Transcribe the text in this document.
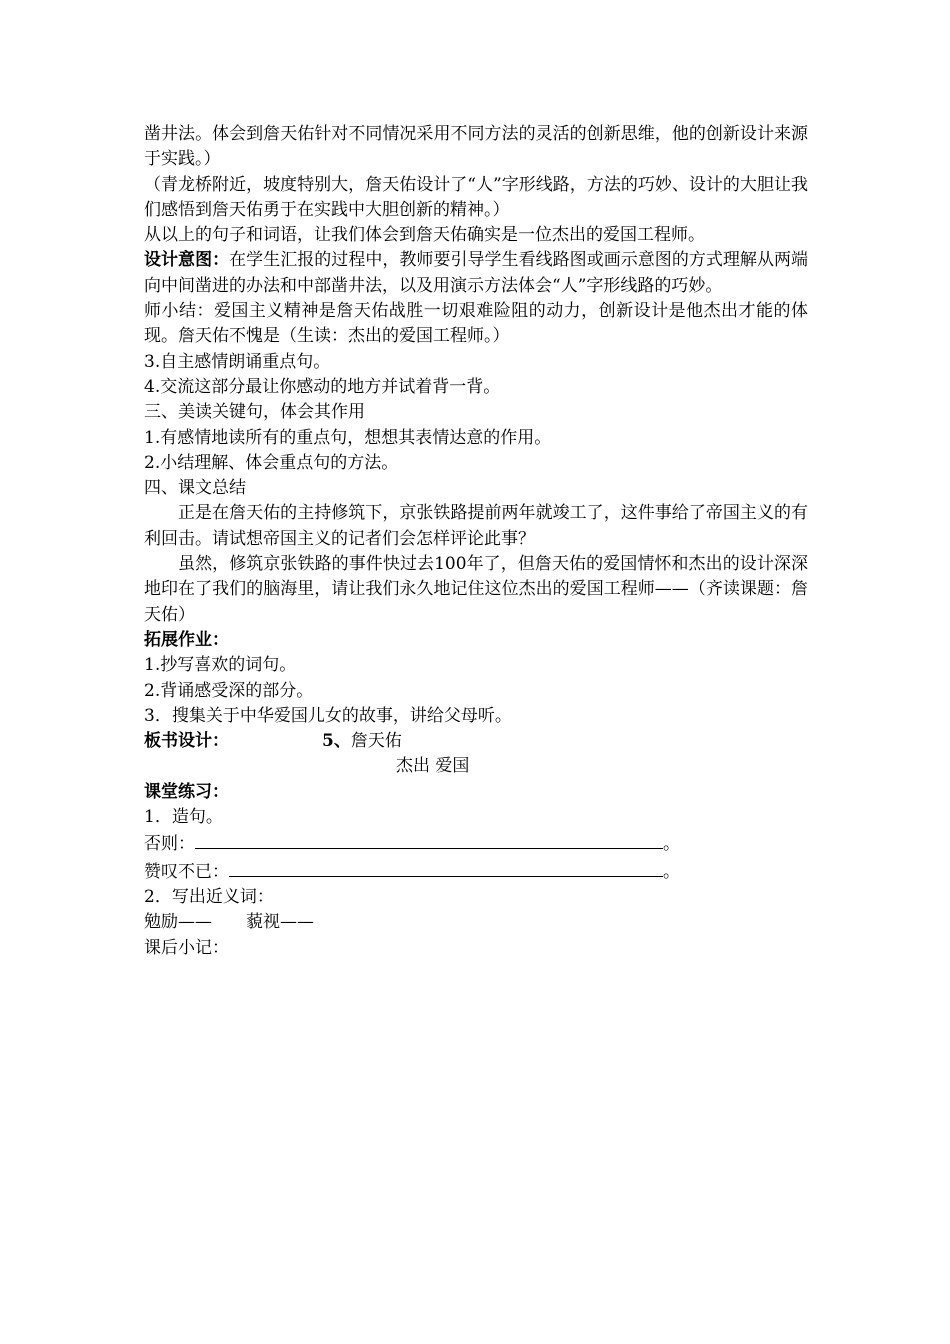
凿井法。体会到詹天佑针对不同情况采用不同方法的灵活的创新思维，他的创新设计来源于实践。）

（青龙桥附近，坡度特别大，詹天佑设计了“人”字形线路，方法的巧妙、设计的大胆让我们感悟到詹天佑勇于在实践中大胆创新的精神。）

从以上的句子和词语，让我们体会到詹天佑确实是一位杰出的爱国工程师。

设计意图：在学生汇报的过程中，教师要引导学生看线路图或画示意图的方式理解从两端向中间凿进的办法和中部凿井法，以及用演示方法体会“人”字形线路的巧妙。

师小结：爱国主义精神是詹天佑战胜一切艰难险阻的动力，创新设计是他杰出才能的体现。詹天佑不愧是（生读：杰出的爱国工程师。）

3.自主感情朗诵重点句。

4.交流这部分最让你感动的地方并试着背一背。

三、美读关键句，体会其作用

1.有感情地读所有的重点句，想想其表情达意的作用。

2.小结理解、体会重点句的方法。

四、课文总结

正是在詹天佑的主持修筑下，京张铁路提前两年就竣工了，这件事给了帝国主义的有利回击。请试想帝国主义的记者们会怎样评论此事？

虽然，修筑京张铁路的事件快过去100年了，但詹天佑的爱国情怀和杰出的设计深深地印在了我们的脑海里，请让我们永久地记住这位杰出的爱国工程师——（齐读课题：詹天佑）

拓展作业：

1.抄写喜欢的词句。

2.背诵感受深的部分。

3．搜集关于中华爱国儿女的故事，讲给父母听。

板书设计：	5、 詹天佑

杰出 爱国

课堂练习：

1．造句。

否则：	。

赞叹不已：	。

2．写出近义词：

勉励—— 藐视——

课后小记：
